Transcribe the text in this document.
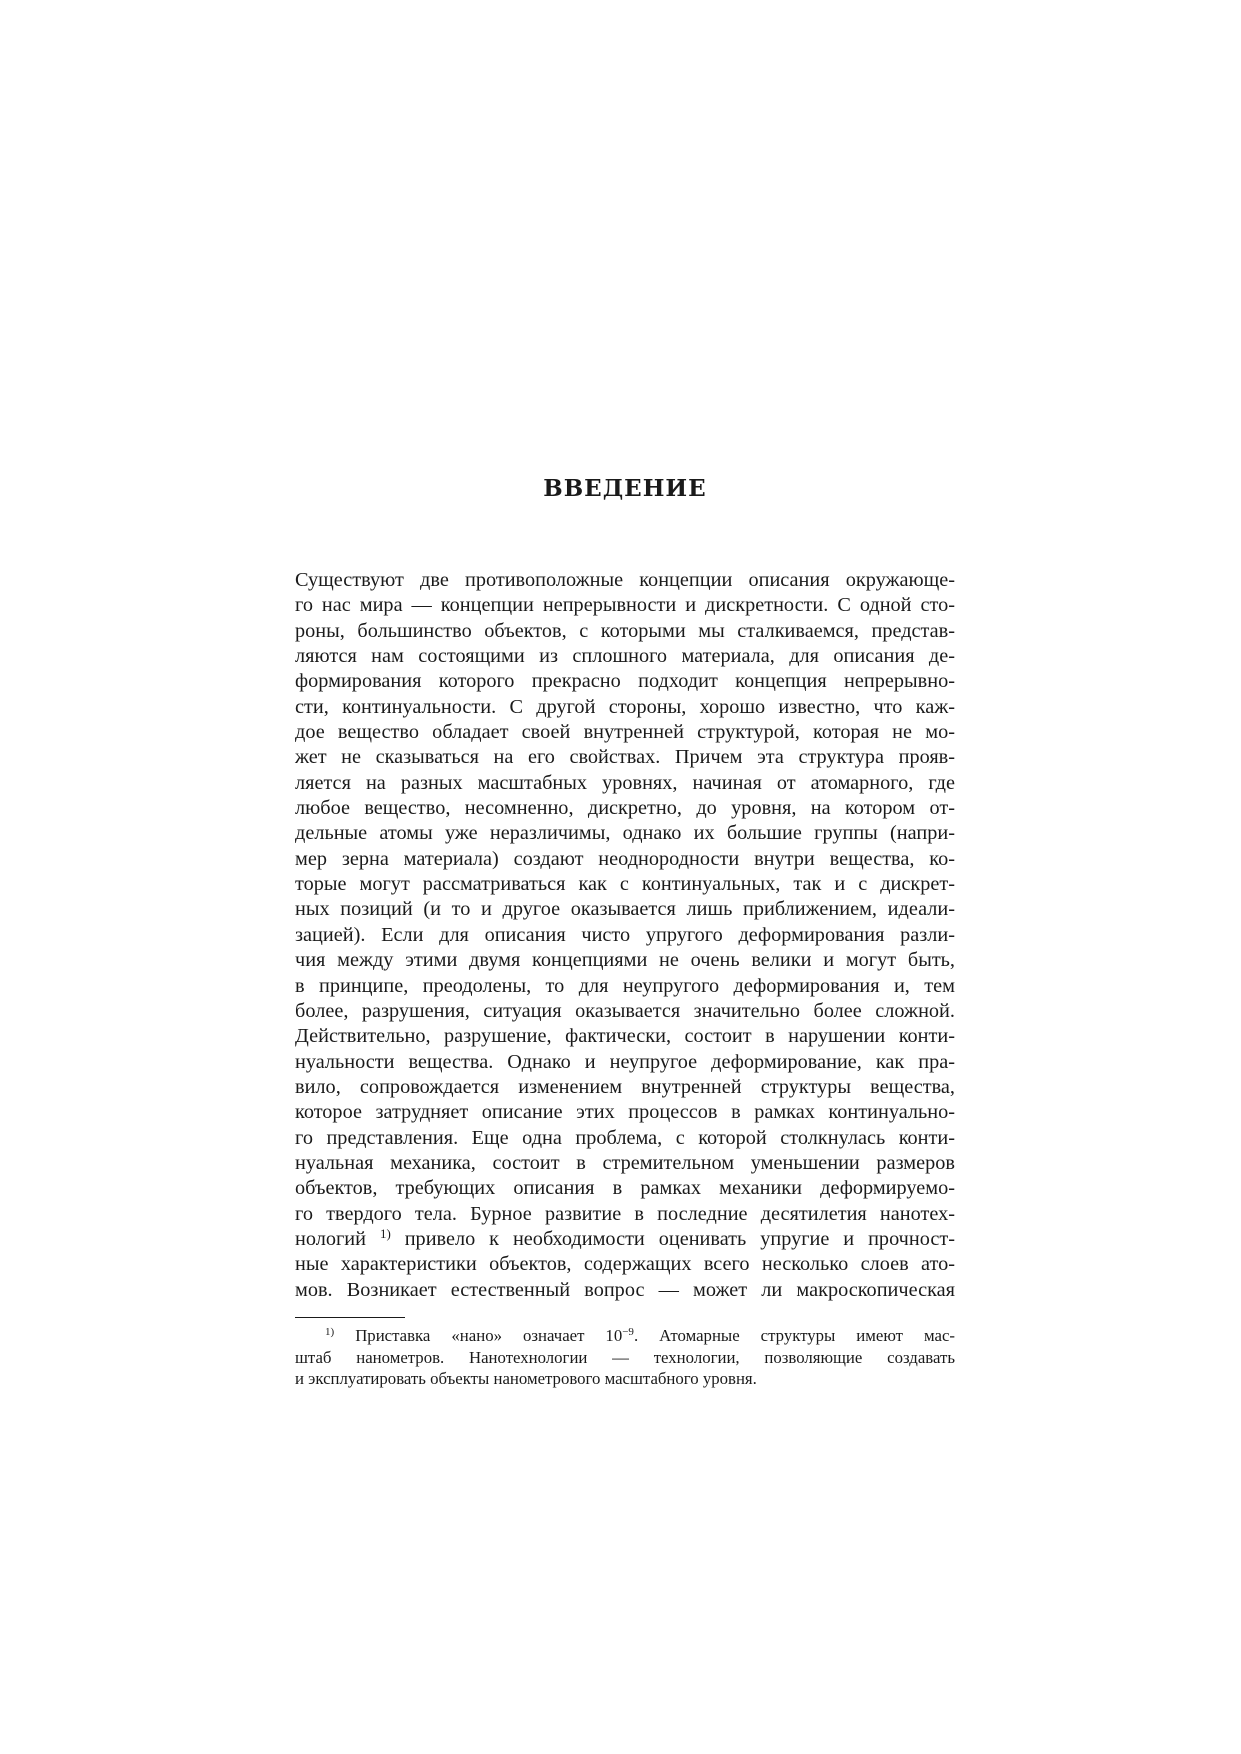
ВВЕДЕНИЕ
Существуют две противоположные концепции описания окружающе-
го нас мира — концепции непрерывности и дискретности. С одной сто-
роны, большинство объектов, с которыми мы сталкиваемся, представ-
ляются нам состоящими из сплошного материала, для описания де-
формирования которого прекрасно подходит концепция непрерывно-
сти, континуальности. С другой стороны, хорошо известно, что каж-
дое вещество обладает своей внутренней структурой, которая не мо-
жет не сказываться на его свойствах. Причем эта структура прояв-
ляется на разных масштабных уровнях, начиная от атомарного, где
любое вещество, несомненно, дискретно, до уровня, на котором от-
дельные атомы уже неразличимы, однако их большие группы (напри-
мер зерна материала) создают неоднородности внутри вещества, ко-
торые могут рассматриваться как с континуальных, так и с дискрет-
ных позиций (и то и другое оказывается лишь приближением, идеали-
зацией). Если для описания чисто упругого деформирования разли-
чия между этими двумя концепциями не очень велики и могут быть,
в принципе, преодолены, то для неупругого деформирования и, тем
более, разрушения, ситуация оказывается значительно более сложной.
Действительно, разрушение, фактически, состоит в нарушении конти-
нуальности вещества. Однако и неупругое деформирование, как пра-
вило, сопровождается изменением внутренней структуры вещества,
которое затрудняет описание этих процессов в рамках континуально-
го представления. Еще одна проблема, с которой столкнулась конти-
нуальная механика, состоит в стремительном уменьшении размеров
объектов, требующих описания в рамках механики деформируемо-
го твердого тела. Бурное развитие в последние десятилетия нанотех-
нологий $^{1)}$ привело к необходимости оценивать упругие и прочност-
ные характеристики объектов, содержащих всего несколько слоев ато-
мов. Возникает естественный вопрос — может ли макроскопическая
$^{1)}$ Приставка «нано» означает $10^{-9}$. Атомарные структуры имеют мас-
штаб нанометров. Нанотехнологии — технологии, позволяющие создавать
и эксплуатировать объекты нанометрового масштабного уровня.
